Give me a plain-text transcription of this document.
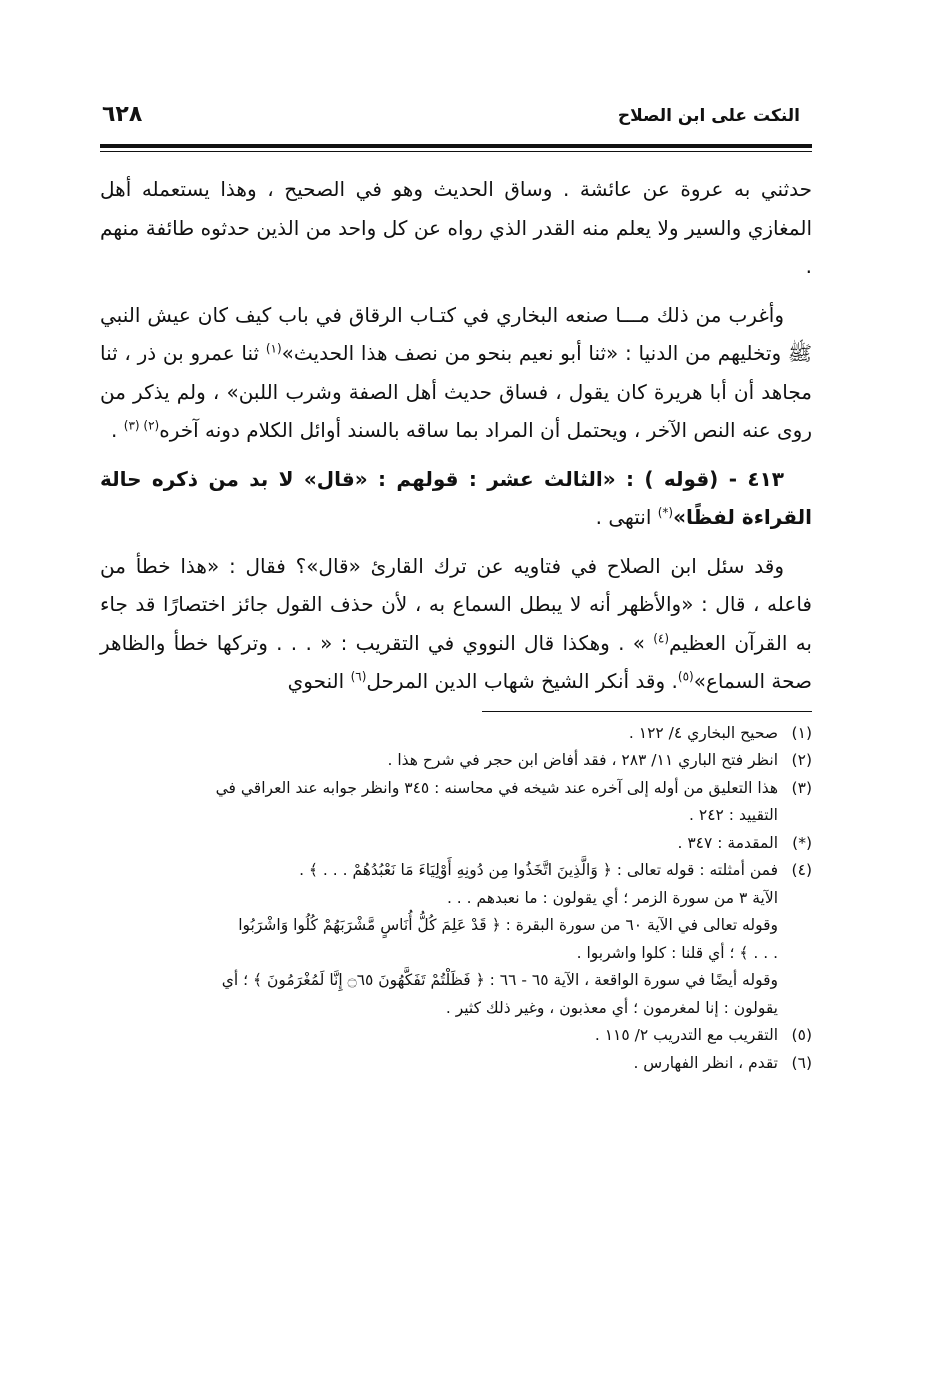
النكت على ابن الصلاح
٦٢٨

حدثني به عروة عن عائشة . وساق الحديث وهو في الصحيح ، وهذا يستعمله أهل المغازي والسير ولا يعلم منه القدر الذي رواه عن كل واحد من الذين حدثوه طائفة منهم .

وأغرب من ذلك مـــا صنعه البخاري في كتـاب الرقاق في باب كيف كان عيش النبي ﷺ وتخليهم من الدنيا : «ثنا أبو نعيم بنحو من نصف هذا الحديث»$^{(١)}$ ثنا عمرو بن ذر ، ثنا مجاهد أن أبا هريرة كان يقول ، فساق حديث أهل الصفة وشرب اللبن» ، ولم يذكر من روى عنه النص الآخر ، ويحتمل أن المراد بما ساقه بالسند أوائل الكلام دونه آخره$^{(٢) (٣)}$ .

٤١٣ - (قوله ) : «الثالث عشر : قولهم : «قال» لا بد من ذكره حالة القراءة لفظًا»(*) انتهى .

وقد سئل ابن الصلاح في فتاويه عن ترك القارئ «قال»؟ فقال : «هذا خطأ من فاعله ، قال : «والأظهر أنه لا يبطل السماع به ، لأن حذف القول جائز اختصارًا قد جاء به القرآن العظيم$^{(٤)}$ » . وهكذا قال النووي في التقريب : « . . . وتركها خطأ والظاهر صحة السماع»$^{(٥)}$. وقد أنكر الشيخ شهاب الدين المرحل$^{(٦)}$ النحوي

(١)
صحيح البخاري ٤/ ١٢٢ .
(٢)
انظر فتح الباري ١١/ ٢٨٣ ، فقد أفاض ابن حجر في شرح هذا .
(٣)
هذا التعليق من أوله إلى آخره عند شيخه في محاسنه : ٣٤٥ وانظر جوابه عند العراقي في
التقييد : ٢٤٢ .
(*)
المقدمة : ٣٤٧ .
(٤)
فمن أمثلته : قوله تعالى : ﴿ وَالَّذِينَ اتَّخَذُوا مِن دُونِهِ أَوْلِيَاءَ مَا نَعْبُدُهُمْ . . . ﴾ .
الآية ٣ من سورة الزمر ؛ أي يقولون : ما نعبدهم . . .
وقوله تعالى في الآية ٦٠ من سورة البقرة : ﴿ قَدْ عَلِمَ كُلُّ أُنَاسٍ مَّشْرَبَهُمْ كُلُوا وَاشْرَبُوا
. . . ﴾ ؛ أي قلنا : كلوا واشربوا .
وقوله أيضًا في سورة الواقعة ، الآية ٦٥ - ٦٦ : ﴿ فَظَلْتُمْ تَفَكَّهُونَ ۝٦٥ إِنَّا لَمُغْرَمُونَ ﴾ ؛ أي
يقولون : إنا لمغرمون ؛ أي معذبون ، وغير ذلك كثير .
(٥)
التقريب مع التدريب ٢/ ١١٥ .
(٦)
تقدم ، انظر الفهارس .
